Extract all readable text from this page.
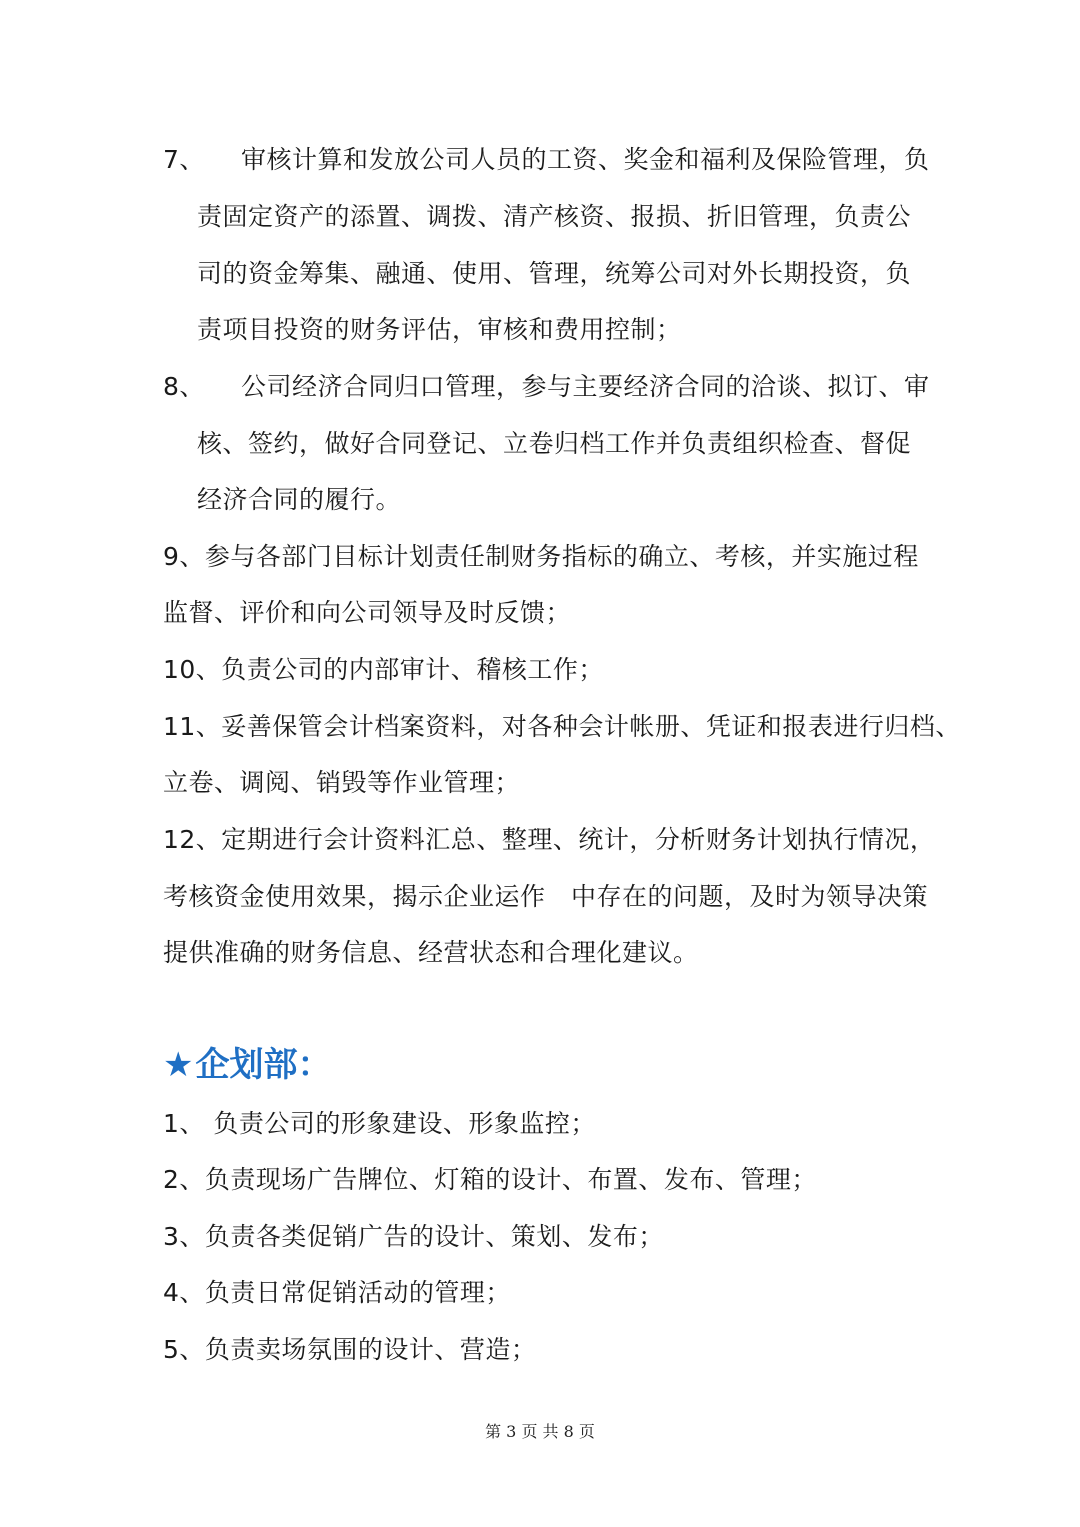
7、 审核计算和发放公司人员的工资、奖金和福利及保险管理，负
责固定资产的添置、调拨、清产核资、报损、折旧管理，负责公
司的资金筹集、融通、使用、管理，统筹公司对外长期投资，负
责项目投资的财务评估，审核和费用控制；
8、 公司经济合同归口管理，参与主要经济合同的洽谈、拟订、审
核、签约，做好合同登记、立卷归档工作并负责组织检查、督促
经济合同的履行。
9、参与各部门目标计划责任制财务指标的确立、考核，并实施过程
监督、评价和向公司领导及时反馈；
10、负责公司的内部审计、稽核工作；
11、妥善保管会计档案资料，对各种会计帐册、凭证和报表进行归档、
立卷、调阅、销毁等作业管理；
12、定期进行会计资料汇总、整理、统计，分析财务计划执行情况，
考核资金使用效果，揭示企业运作　中存在的问题，及时为领导决策
提供准确的财务信息、经营状态和合理化建议。
★企划部：
1、 负责公司的形象建设、形象监控；
2、负责现场广告牌位、灯箱的设计、布置、发布、管理；
3、负责各类促销广告的设计、策划、发布；
4、负责日常促销活动的管理；
5、负责卖场氛围的设计、营造；
第 3 页 共 8 页
